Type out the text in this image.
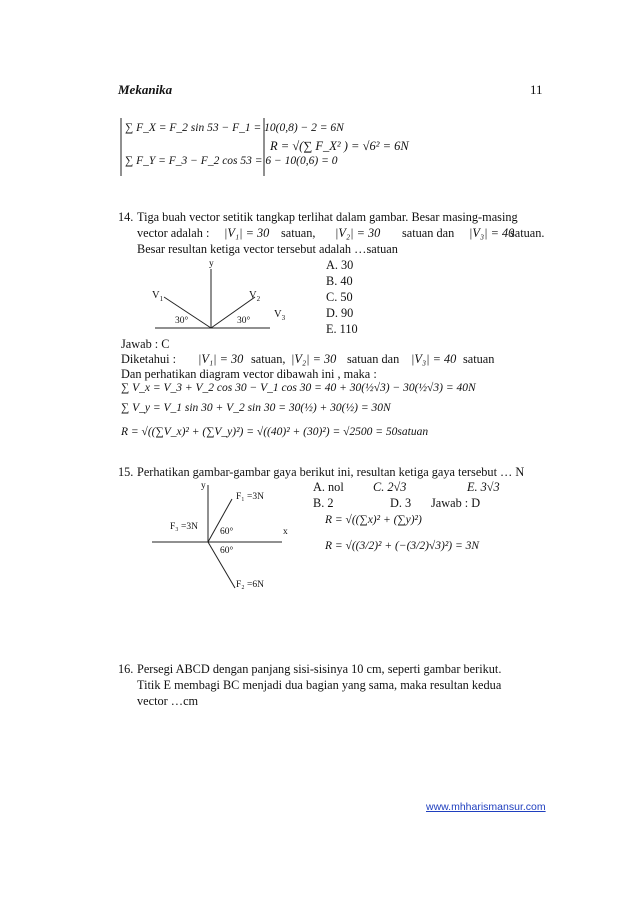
Mekanika	11
∑ F_X = F_2 sin 53 − F_1 = 10(0,8) − 2 = 6N
∑ F_Y = F_3 − F_2 cos 53 = 6 − 10(0,6) = 0
R = √(∑ F_X² ) = √6² = 6N
14. Tiga buah vector setitik tangkap terlihat dalam gambar. Besar masing-masing
vector adalah : |V₁| = 30 satuan, |V₂| = 30 satuan dan |V₃| = 40
satuan.
Besar resultan ketiga vector tersebut adalah …satuan
A. 30
B. 40
C. 50
D. 90
E. 110
y
$V_1$	$V_2$
$V_3$
30°	30°
Jawab : C
Diketahui : |V₁| = 30 satuan, |V₂| = 30 satuan dan |V₃| = 40 satuan
Dan perhatikan diagram vector dibawah ini , maka :
∑ V_x = V_3 + V_2 cos 30 − V_1 cos 30 = 40 + 30(½√3) − 30(½√3) = 40N
∑ V_y = V_1 sin 30 + V_2 sin 30 = 30(½) + 30(½) = 30N
R = √((∑V_x)² + (∑V_y)²) = √((40)² + (30)²) = √2500 = 50satuan
15. Perhatikan gambar-gambar gaya berikut ini, resultan ketiga gaya tersebut … N
A. nol C. 2√3	E. 3√3
B. 2	D. 3 Jawab : D
R = √((∑x)² + (∑y)²)
R = √((3/2)² + (−(3/2)√3)²) = 3N
y
x
F₁ =3N
F₃ =3N
F₂ =6N
60°
60°
16. Persegi ABCD dengan panjang sisi-sisinya 10 cm, seperti gambar berikut.
Titik E membagi BC menjadi dua bagian yang sama, maka resultan kedua
vector …cm
www.mhharismansur.com
